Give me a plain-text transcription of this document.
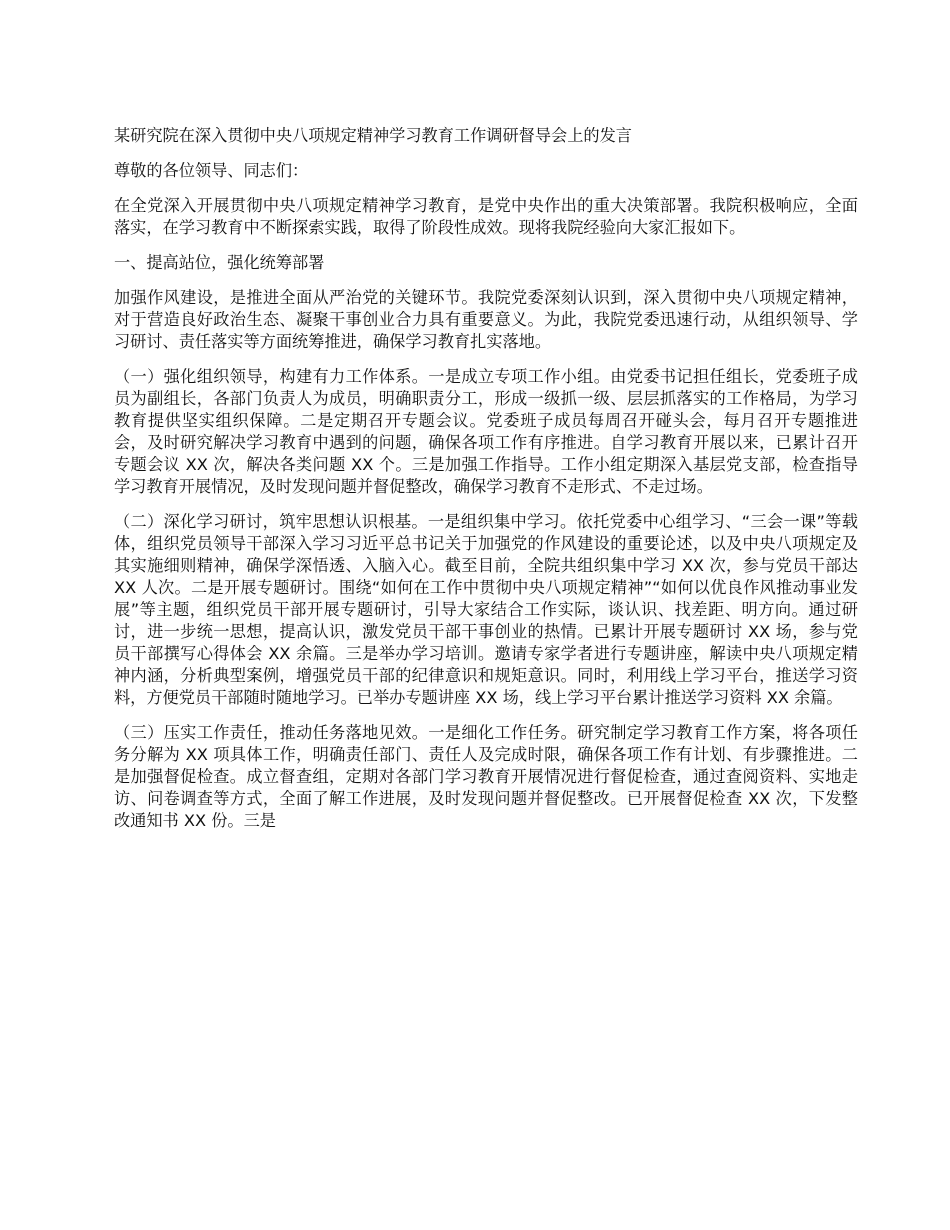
某研究院在深入贯彻中央八项规定精神学习教育工作调研督导会上的发言

尊敬的各位领导、同志们：

在全党深入开展贯彻中央八项规定精神学习教育，是党中央作出的重大决策部署。我院积极响应，全面落实，在学习教育中不断探索实践，取得了阶段性成效。现将我院经验向大家汇报如下。

一、提高站位，强化统筹部署

加强作风建设，是推进全面从严治党的关键环节。我院党委深刻认识到，深入贯彻中央八项规定精神，对于营造良好政治生态、凝聚干事创业合力具有重要意义。为此，我院党委迅速行动，从组织领导、学习研讨、责任落实等方面统筹推进，确保学习教育扎实落地。

（一）强化组织领导，构建有力工作体系。一是成立专项工作小组。由党委书记担任组长，党委班子成员为副组长，各部门负责人为成员，明确职责分工，形成一级抓一级、层层抓落实的工作格局，为学习教育提供坚实组织保障。二是定期召开专题会议。党委班子成员每周召开碰头会，每月召开专题推进会，及时研究解决学习教育中遇到的问题，确保各项工作有序推进。自学习教育开展以来，已累计召开专题会议 XX 次，解决各类问题 XX 个。三是加强工作指导。工作小组定期深入基层党支部，检查指导学习教育开展情况，及时发现问题并督促整改，确保学习教育不走形式、不走过场。

（二）深化学习研讨，筑牢思想认识根基。一是组织集中学习。依托党委中心组学习、“三会一课”等载体，组织党员领导干部深入学习习近平总书记关于加强党的作风建设的重要论述，以及中央八项规定及其实施细则精神，确保学深悟透、入脑入心。截至目前，全院共组织集中学习 XX 次，参与党员干部达 XX 人次。二是开展专题研讨。围绕“如何在工作中贯彻中央八项规定精神”“如何以优良作风推动事业发展”等主题，组织党员干部开展专题研讨，引导大家结合工作实际，谈认识、找差距、明方向。通过研讨，进一步统一思想，提高认识，激发党员干部干事创业的热情。已累计开展专题研讨 XX 场，参与党员干部撰写心得体会 XX 余篇。三是举办学习培训。邀请专家学者进行专题讲座，解读中央八项规定精神内涵，分析典型案例，增强党员干部的纪律意识和规矩意识。同时，利用线上学习平台，推送学习资料，方便党员干部随时随地学习。已举办专题讲座 XX 场，线上学习平台累计推送学习资料 XX 余篇。

（三）压实工作责任，推动任务落地见效。一是细化工作任务。研究制定学习教育工作方案，将各项任务分解为 XX 项具体工作，明确责任部门、责任人及完成时限，确保各项工作有计划、有步骤推进。二是加强督促检查。成立督查组，定期对各部门学习教育开展情况进行督促检查，通过查阅资料、实地走访、问卷调查等方式，全面了解工作进展，及时发现问题并督促整改。已开展督促检查 XX 次，下发整改通知书 XX 份。三是
